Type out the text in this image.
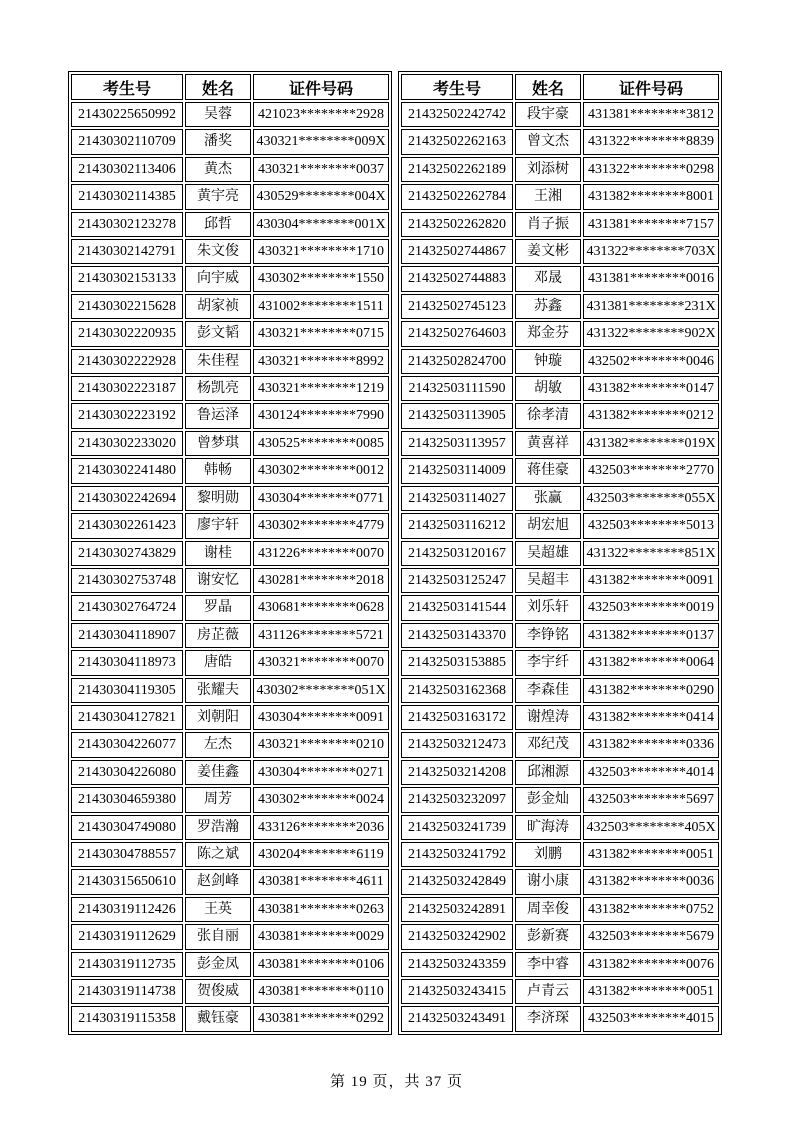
考生号	姓名	证件号码
21430225650992	吴蓉	421023********2928
21430302110709	潘奖	430321********009X
21430302113406	黄杰	430321********0037
21430302114385	黄宇亮	430529********004X
21430302123278	邱哲	430304********001X
21430302142791	朱文俊	430321********1710
21430302153133	向宇威	430302********1550
21430302215628	胡家祯	431002********1511
21430302220935	彭文韬	430321********0715
21430302222928	朱佳程	430321********8992
21430302223187	杨凯亮	430321********1219
21430302223192	鲁运泽	430124********7990
21430302233020	曾梦琪	430525********0085
21430302241480	韩畅	430302********0012
21430302242694	黎明勋	430304********0771
21430302261423	廖宇轩	430302********4779
21430302743829	谢桂	431226********0070
21430302753748	谢安忆	430281********2018
21430302764724	罗晶	430681********0628
21430304118907	房芷薇	431126********5721
21430304118973	唐皓	430321********0070
21430304119305	张耀夫	430302********051X
21430304127821	刘朝阳	430304********0091
21430304226077	左杰	430321********0210
21430304226080	姜佳鑫	430304********0271
21430304659380	周芳	430302********0024
21430304749080	罗浩瀚	433126********2036
21430304788557	陈之斌	430204********6119
21430315650610	赵剑峰	430381********4611
21430319112426	王英	430381********0263
21430319112629	张自丽	430381********0029
21430319112735	彭金凤	430381********0106
21430319114738	贺俊威	430381********0110
21430319115358	戴钰豪	430381********0292
考生号	姓名	证件号码
21432502242742	段宇豪	431381********3812
21432502262163	曾文杰	431322********8839
21432502262189	刘添树	431322********0298
21432502262784	王湘	431382********8001
21432502262820	肖子振	431381********7157
21432502744867	姜文彬	431322********703X
21432502744883	邓晟	431381********0016
21432502745123	苏鑫	431381********231X
21432502764603	郑金芬	431322********902X
21432502824700	钟璇	432502********0046
21432503111590	胡敏	431382********0147
21432503113905	徐孝清	431382********0212
21432503113957	黄喜祥	431382********019X
21432503114009	蒋佳豪	432503********2770
21432503114027	张赢	432503********055X
21432503116212	胡宏旭	432503********5013
21432503120167	吴超雄	431322********851X
21432503125247	吴超丰	431382********0091
21432503141544	刘乐轩	432503********0019
21432503143370	李铮铭	431382********0137
21432503153885	李宇纤	431382********0064
21432503162368	李森佳	431382********0290
21432503163172	谢煌涛	431382********0414
21432503212473	邓纪茂	431382********0336
21432503214208	邱湘源	432503********4014
21432503232097	彭金灿	432503********5697
21432503241739	旷海涛	432503********405X
21432503241792	刘鹏	431382********0051
21432503242849	谢小康	431382********0036
21432503242891	周幸俊	431382********0752
21432503242902	彭新赛	432503********5679
21432503243359	李中睿	431382********0076
21432503243415	卢青云	431382********0051
21432503243491	李济琛	432503********4015
第 19 页，共 37 页
